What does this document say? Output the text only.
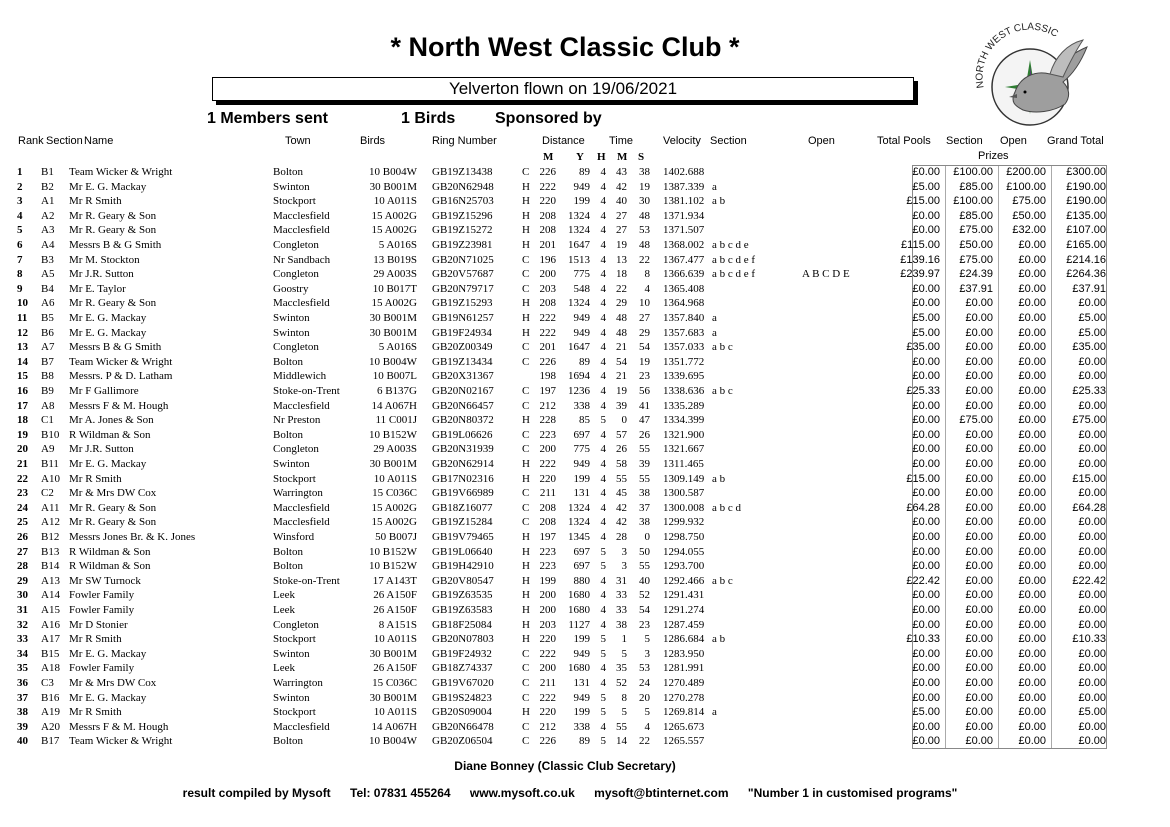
* North West Classic Club *
Yelverton flown on 19/06/2021
1 Members sent	1 Birds Sponsored by
NORTH WEST CLASSIC
Rank Section Name	Town	Birds	Ring Number	Distance Time	Velocity Section	Open	Total Pools Section Open Grand Total
Prizes
M Y H M S
1 B1 Team Wicker & Wright	Bolton	10 B004W GB19Z13438	C 226 89 4 43 38 1402.688	£0.00 £100.00 £200.00 £300.00
2 B2 Mr E. G. Mackay	Swinton	30 B001M GB20N62948	H 222 949 4 42 19 1387.339 a	£5.00 £85.00 £100.00 £190.00
3 A1 Mr R Smith	Stockport	10 A011S GB16N25703	H 220 199 4 40 30 1381.102 a b	£15.00 £100.00 £75.00 £190.00
4 A2 Mr R. Geary & Son	Macclesfield	15 A002G GB19Z15296	H 208 1324 4 27 48 1371.934	£0.00 £85.00 £50.00 £135.00
5 A3 Mr R. Geary & Son	Macclesfield	15 A002G GB19Z15272	H 208 1324 4 27 53 1371.507	£0.00 £75.00 £32.00 £107.00
6 A4 Messrs B & G Smith	Congleton	5 A016S GB19Z23981	H 201 1647 4 19 48 1368.002 a b c d e	£115.00 £50.00 £0.00 £165.00
7 B3 Mr M. Stockton	Nr Sandbach	13 B019S GB20N71025	C 196 1513 4 13 22 1367.477 a b c d e f	£139.16 £75.00 £0.00 £214.16
8 A5 Mr J.R. Sutton	Congleton	29 A003S GB20V57687	C 200 775 4 18 8 1366.639 a b c d e f	A B C D E	£239.97 £24.39 £0.00 £264.36
9 B4 Mr E. Taylor	Goostry	10 B017T GB20N79717	C 203 548 4 22 4 1365.408	£0.00 £37.91 £0.00 £37.91
10 A6 Mr R. Geary & Son	Macclesfield	15 A002G GB19Z15293	H 208 1324 4 29 10 1364.968	£0.00 £0.00 £0.00	£0.00
11 B5 Mr E. G. Mackay	Swinton	30 B001M GB19N61257	H 222 949 4 48 27 1357.840 a	£5.00 £0.00 £0.00	£5.00
12 B6 Mr E. G. Mackay	Swinton	30 B001M GB19F24934	H 222 949 4 48 29 1357.683 a	£5.00 £0.00 £0.00	£5.00
13 A7 Messrs B & G Smith	Congleton	5 A016S GB20Z00349	C 201 1647 4 21 54 1357.033 a b c	£35.00 £0.00 £0.00 £35.00
14 B7 Team Wicker & Wright	Bolton	10 B004W GB19Z13434	C 226 89 4 54 19 1351.772	£0.00 £0.00 £0.00	£0.00
15 B8 Messrs. P & D. Latham	Middlewich	10 B007L GB20X31367	198 1694 4 21 23 1339.695	£0.00 £0.00 £0.00	£0.00
16 B9 Mr F Gallimore	Stoke-on-Trent	6 B137G GB20N02167	C 197 1236 4 19 56 1338.636 a b c	£25.33 £0.00 £0.00 £25.33
17 A8 Messrs F & M. Hough	Macclesfield	14 A067H GB20N66457	C 212 338 4 39 41 1335.289	£0.00 £0.00 £0.00	£0.00
18 C1 Mr A. Jones & Son	Nr Preston	11 C001J GB20N80372	H 228 85 5 0 47 1334.399	£0.00 £75.00 £0.00 £75.00
19 B10 R Wildman & Son	Bolton	10 B152W GB19L06626	C 223 697 4 57 26 1321.900	£0.00 £0.00 £0.00	£0.00
20 A9 Mr J.R. Sutton	Congleton	29 A003S GB20N31939	C 200 775 4 26 55 1321.667	£0.00 £0.00 £0.00	£0.00
21 B11 Mr E. G. Mackay	Swinton	30 B001M GB20N62914	H 222 949 4 58 39 1311.465	£0.00 £0.00 £0.00	£0.00
22 A10 Mr R Smith	Stockport	10 A011S GB17N02316	H 220 199 4 55 55 1309.149 a b	£15.00 £0.00 £0.00 £15.00
23 C2 Mr & Mrs DW Cox	Warrington	15 C036C GB19V66989	C 211 131 4 45 38 1300.587	£0.00 £0.00 £0.00	£0.00
24 A11 Mr R. Geary & Son	Macclesfield	15 A002G GB18Z16077	C 208 1324 4 42 37 1300.008 a b c d	£64.28 £0.00 £0.00 £64.28
25 A12 Mr R. Geary & Son	Macclesfield	15 A002G GB19Z15284	C 208 1324 4 42 38 1299.932	£0.00 £0.00 £0.00	£0.00
26 B12 Messrs Jones Br. & K. Jones	Winsford	50 B007J GB19V79465	H 197 1345 4 28 0 1298.750	£0.00 £0.00 £0.00	£0.00
27 B13 R Wildman & Son	Bolton	10 B152W GB19L06640	H 223 697 5 3 50 1294.055	£0.00 £0.00 £0.00	£0.00
28 B14 R Wildman & Son	Bolton	10 B152W GB19H42910	H 223 697 5 3 55 1293.700	£0.00 £0.00 £0.00	£0.00
29 A13 Mr SW Turnock	Stoke-on-Trent	17 A143T GB20V80547	H 199 880 4 31 40 1292.466 a b c	£22.42 £0.00 £0.00 £22.42
30 A14 Fowler Family	Leek	26 A150F GB19Z63535	H 200 1680 4 33 52 1291.431	£0.00 £0.00 £0.00	£0.00
31 A15 Fowler Family	Leek	26 A150F GB19Z63583	H 200 1680 4 33 54 1291.274	£0.00 £0.00 £0.00	£0.00
32 A16 Mr D Stonier	Congleton	8 A151S GB18F25084	H 203 1127 4 38 23 1287.459	£0.00 £0.00 £0.00	£0.00
33 A17 Mr R Smith	Stockport	10 A011S GB20N07803	H 220 199 5 1 5 1286.684 a b	£10.33 £0.00 £0.00 £10.33
34 B15 Mr E. G. Mackay	Swinton	30 B001M GB19F24932	C 222 949 5 5 3 1283.950	£0.00 £0.00 £0.00	£0.00
35 A18 Fowler Family	Leek	26 A150F GB18Z74337	C 200 1680 4 35 53 1281.991	£0.00 £0.00 £0.00	£0.00
36 C3 Mr & Mrs DW Cox	Warrington	15 C036C GB19V67020	C 211 131 4 52 24 1270.489	£0.00 £0.00 £0.00	£0.00
37 B16 Mr E. G. Mackay	Swinton	30 B001M GB19S24823	C 222 949 5 8 20 1270.278	£0.00 £0.00 £0.00	£0.00
38 A19 Mr R Smith	Stockport	10 A011S GB20S09004	H 220 199 5 5 5 1269.814 a	£5.00 £0.00 £0.00	£5.00
39 A20 Messrs F & M. Hough	Macclesfield	14 A067H GB20N66478	C 212 338 4 55 4 1265.673	£0.00 £0.00 £0.00	£0.00
40 B17 Team Wicker & Wright	Bolton	10 B004W GB20Z06504	C 226 89 5 14 22 1265.557	£0.00 £0.00 £0.00	£0.00
Diane Bonney (Classic Club Secretary)
result compiled by Mysoft Tel: 07831 455264 www.mysoft.co.uk mysoft@btinternet.com "Number 1 in customised programs"
